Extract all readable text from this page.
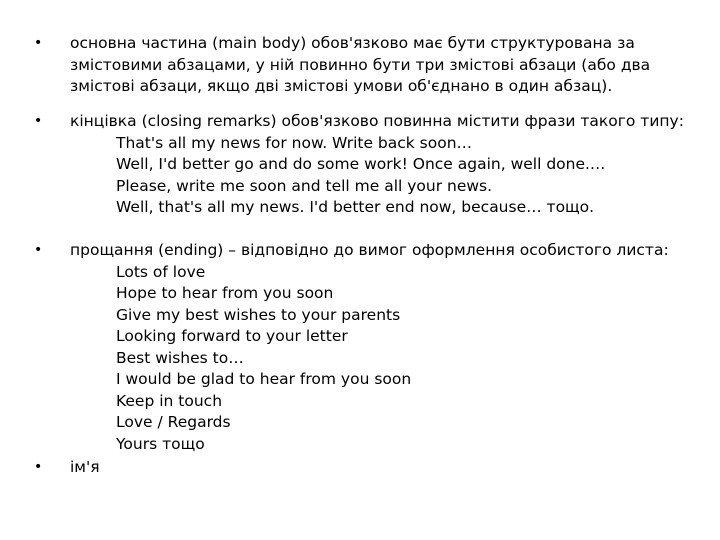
• основна частина (main body) обов'язково має бути структурована за змістовими абзацами, у ній повинно бути три змістові абзаци (або два змістові абзаци, якщо дві змістові умови об'єднано в один абзац).
• кінцівка (closing remarks) обов'язково повинна містити фрази такого типу:
That's all my news for now. Write back soon…
Well, I'd better go and do some work! Once again, well done.…
Please, write me soon and tell me all your news.
Well, that's all my news. I'd better end now, because… тощо.
• прощання (ending) – відповідно до вимог оформлення особистого листа:
Lots of love
Hope to hear from you soon
Give my best wishes to your parents
Looking forward to your letter
Best wishes to…
I would be glad to hear from you soon
Keep in touch
Love / Regards
Yours тощо
• ім'я
